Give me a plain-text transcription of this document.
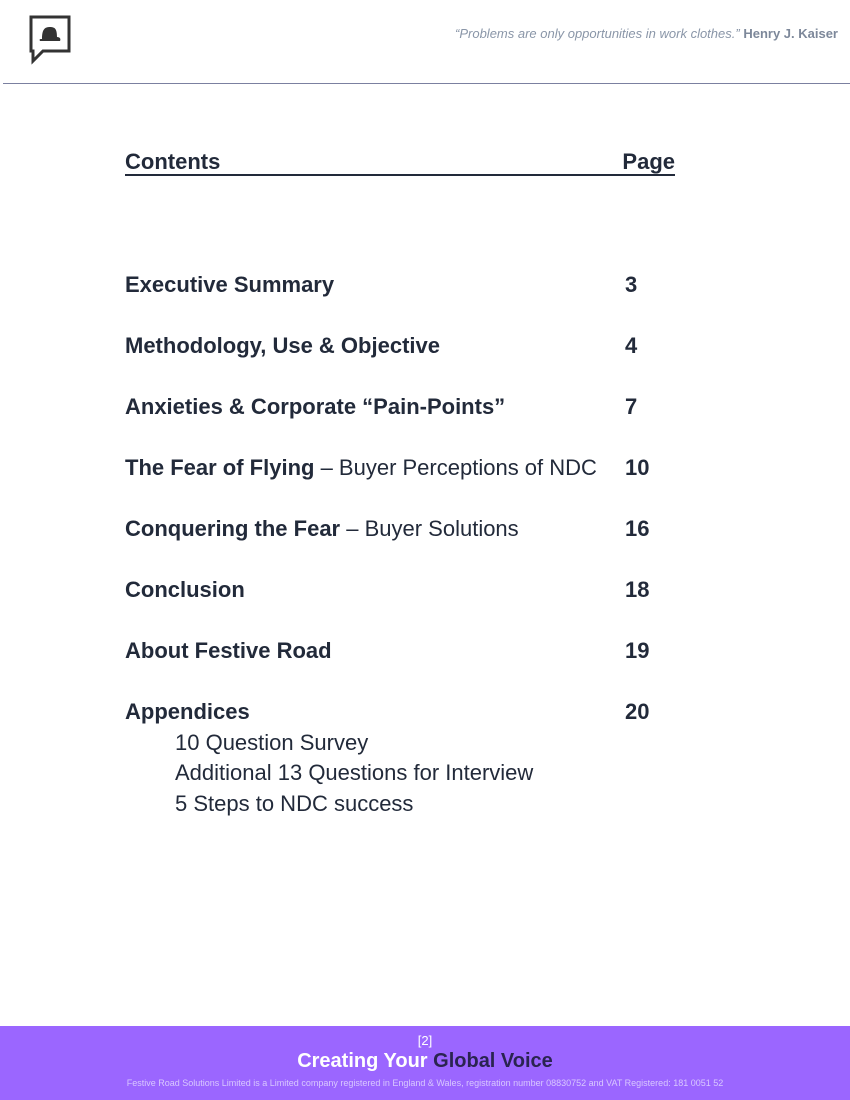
“Problems are only opportunities in work clothes.” Henry J. Kaiser
Contents	Page
Executive Summary	3
Methodology, Use & Objective	4
Anxieties & Corporate “Pain-Points”	7
The Fear of Flying – Buyer Perceptions of NDC 10
Conquering the Fear – Buyer Solutions	16
Conclusion	18
About Festive Road	19
Appendices	20
10 Question Survey
Additional 13 Questions for Interview
5 Steps to NDC success
[2]
Creating Your Global Voice
Festive Road Solutions Limited is a Limited company registered in England & Wales, registration number 08830752 and VAT Registered: 181 0051 52
